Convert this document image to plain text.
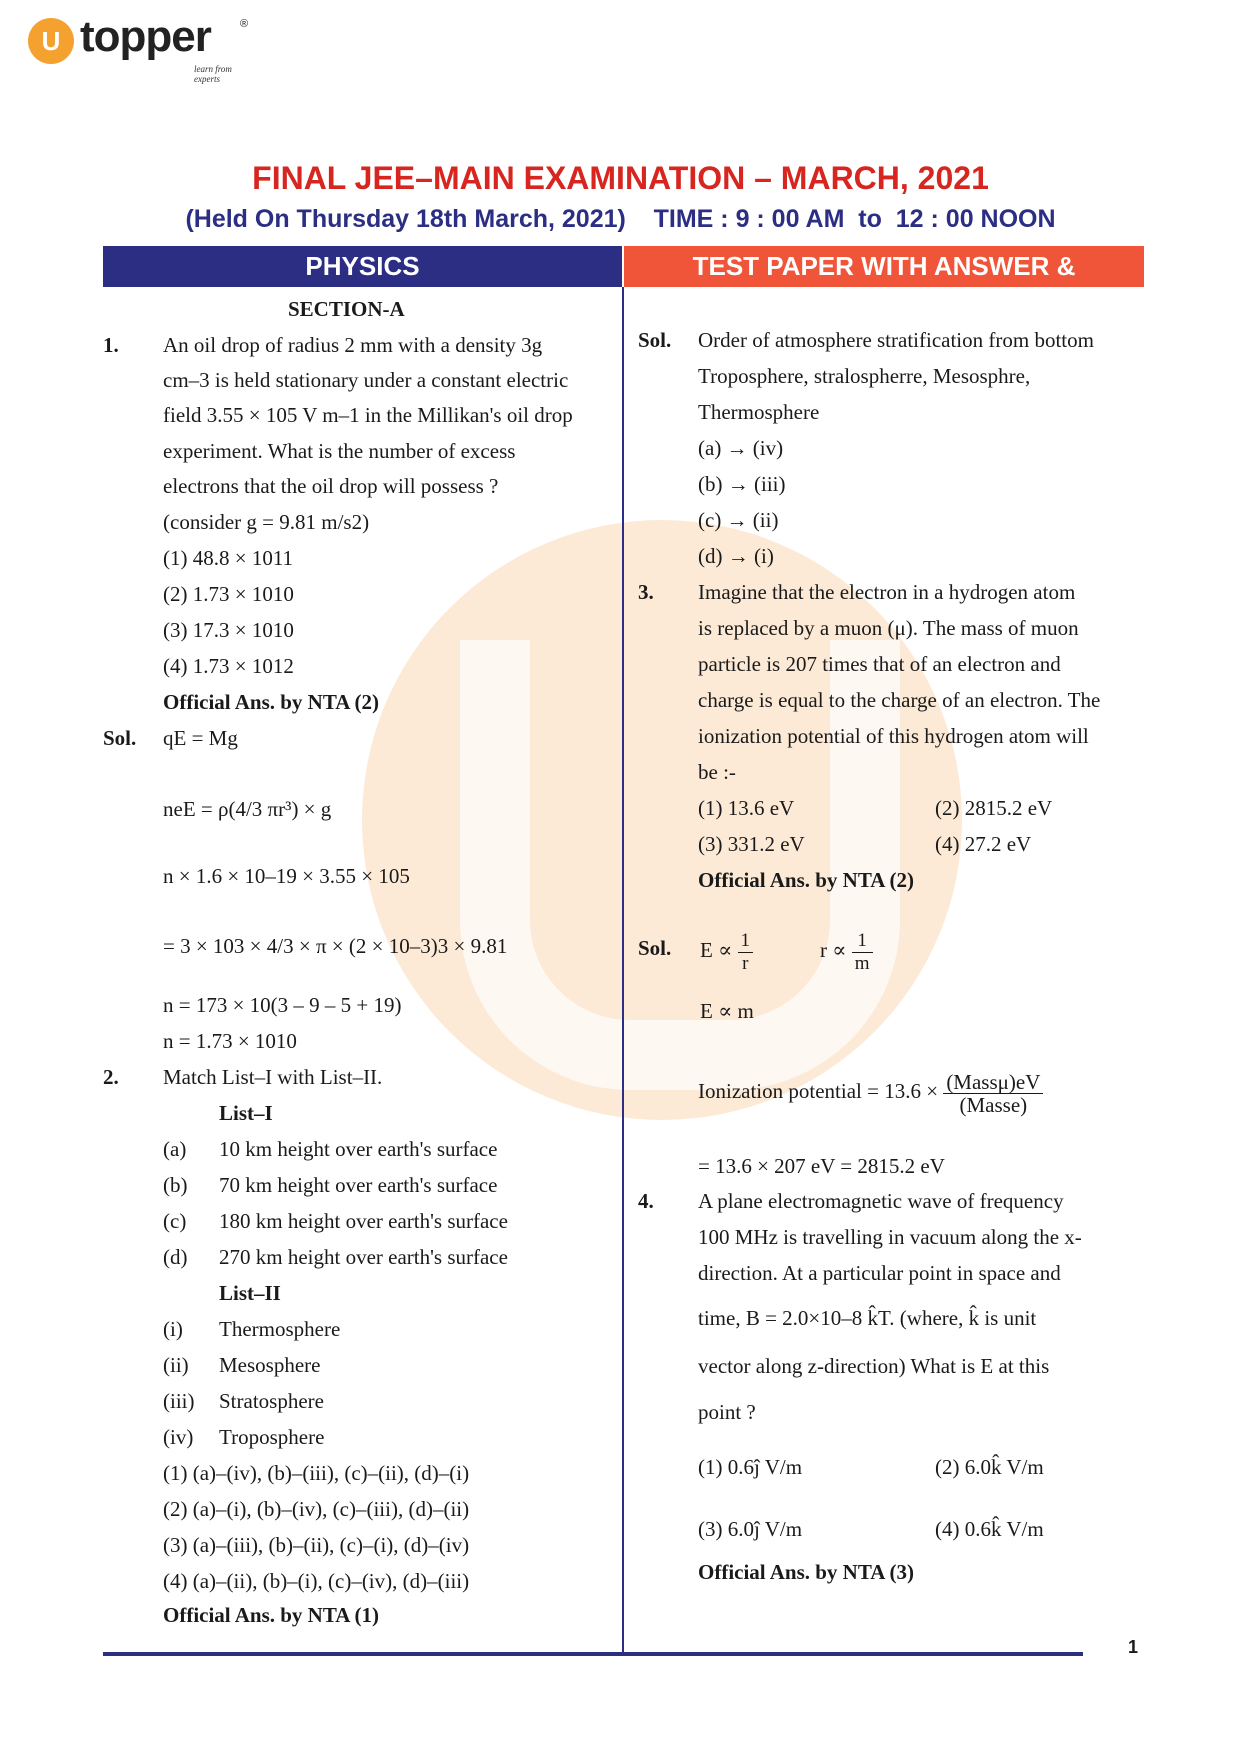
U topper	®
learn from experts
FINAL JEE–MAIN EXAMINATION – MARCH, 2021
(Held On Thursday 18th March, 2021)    TIME : 9 : 00 AM  to  12 : 00 NOON
PHYSICS	TEST PAPER WITH ANSWER & SOLUTION
SECTION-A
1. An oil drop of radius 2 mm with a density 3g
cm–3 is held stationary under a constant electric
field 3.55 × 105 V m–1 in the Millikan's oil drop
experiment. What is the number of excess
electrons that the oil drop will possess ?
(consider g = 9.81 m/s2)
(1) 48.8 × 1011
(2) 1.73 × 1010
(3) 17.3 × 1010
(4) 1.73 × 1012
Official Ans. by NTA (2)
Sol. qE = Mg
neE = ρ(4/3 πr³) × g
n × 1.6 × 10–19 × 3.55 × 105
= 3 × 103 × 4/3 × π × (2 × 10–3)3 × 9.81
n = 173 × 10(3 – 9 – 5 + 19)
n = 1.73 × 1010
2. Match List–I with List–II.
List–I
(a) 10 km height over earth's surface
(b) 70 km height over earth's surface
(c) 180 km height over earth's surface
(d) 270 km height over earth's surface
List–II
(i) Thermosphere
(ii) Mesosphere
(iii) Stratosphere
(iv) Troposphere
(1) (a)–(iv), (b)–(iii), (c)–(ii), (d)–(i)
(2) (a)–(i), (b)–(iv), (c)–(iii), (d)–(ii)
(3) (a)–(iii), (b)–(ii), (c)–(i), (d)–(iv)
(4) (a)–(ii), (b)–(i), (c)–(iv), (d)–(iii)
Official Ans. by NTA (1)
Sol. Order of atmosphere stratification from bottom
Troposphere, stralospherre, Mesosphre,
Thermosphere
(a) → (iv)
(b) → (iii)
(c) → (ii)
(d) → (i)
3. Imagine that the electron in a hydrogen atom
is replaced by a muon (μ). The mass of muon
particle is 207 times that of an electron and
charge is equal to the charge of an electron. The
ionization potential of this hydrogen atom will
be :-
(1) 13.6 eV	(2) 2815.2 eV
(3) 331.2 eV	(4) 27.2 eV
Official Ans. by NTA (2)
Sol. $E \propto \frac{1}{r}$	$r \propto \frac{1}{m}$
E ∝ m
Ionization potential = $13.6 \times \frac{\text{(Massμ)eV}}{\text{(Masse)}}$
= 13.6 × 207 eV = 2815.2 eV
4. A plane electromagnetic wave of frequency
100 MHz is travelling in vacuum along the x-
direction. At a particular point in space and
time, B = 2.0×10–8 k̂T. (where, k̂ is unit
vector along z-direction) What is E at this
point ?
(1) 0.6ĵ V/m	(2) 6.0k̂ V/m
(3) 6.0ĵ V/m	(4) 0.6k̂ V/m
Official Ans. by NTA (3)
1
